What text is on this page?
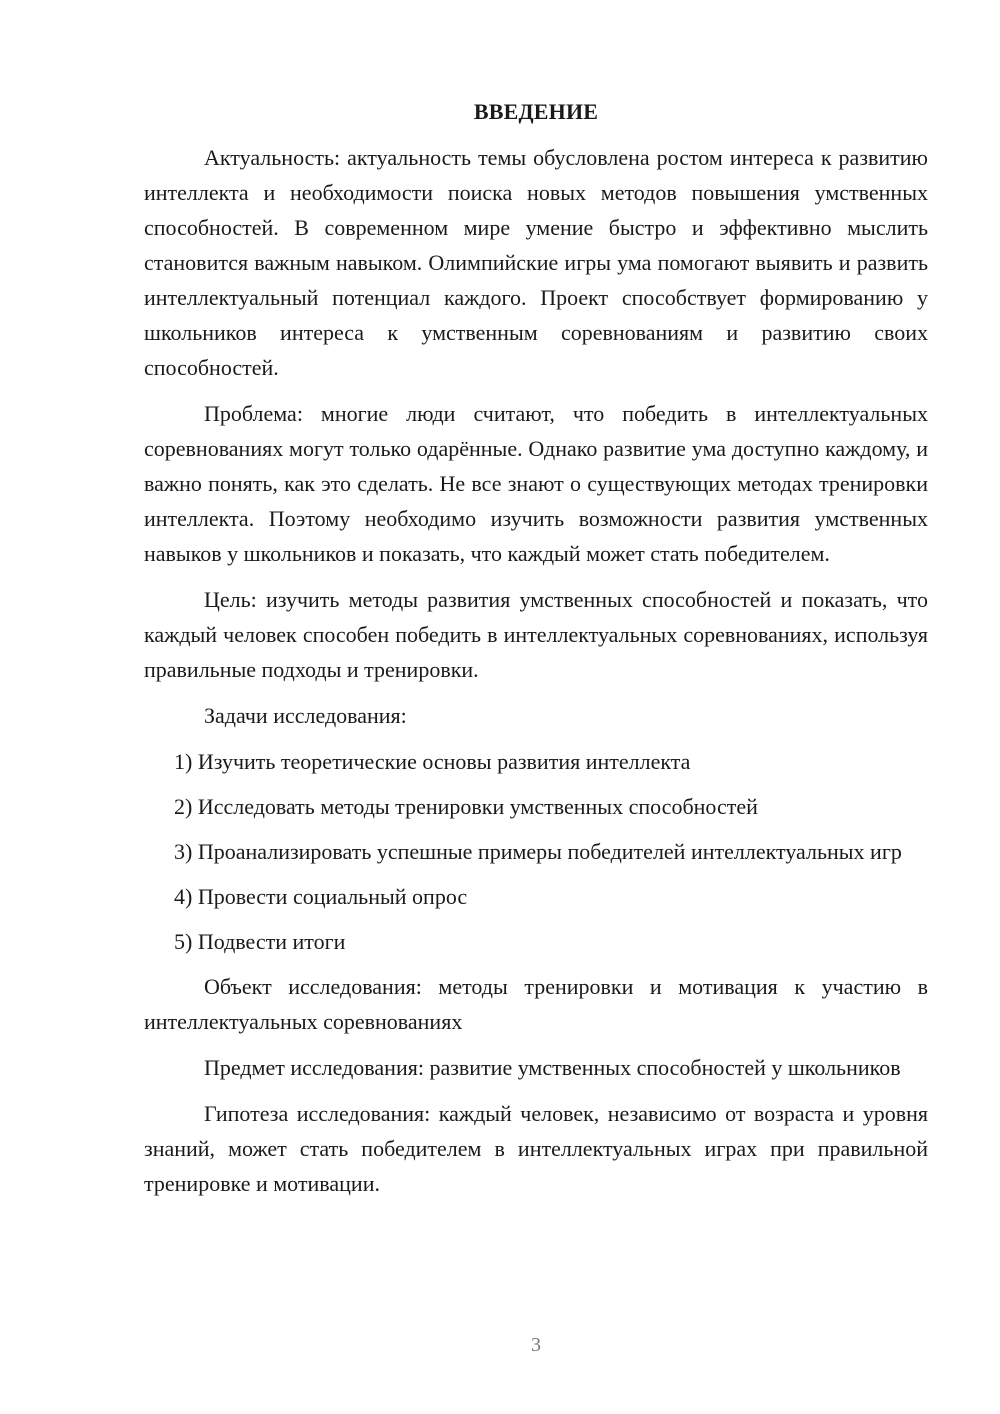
ВВЕДЕНИЕ
Актуальность: актуальность темы обусловлена ростом интереса к развитию интеллекта и необходимости поиска новых методов повышения умственных способностей. В современном мире умение быстро и эффективно мыслить становится важным навыком. Олимпийские игры ума помогают выявить и развить интеллектуальный потенциал каждого. Проект способствует формированию у школьников интереса к умственным соревнованиям и развитию своих способностей.
Проблема: многие люди считают, что победить в интеллектуальных соревнованиях могут только одарённые. Однако развитие ума доступно каждому, и важно понять, как это сделать. Не все знают о существующих методах тренировки интеллекта. Поэтому необходимо изучить возможности развития умственных навыков у школьников и показать, что каждый может стать победителем.
Цель: изучить методы развития умственных способностей и показать, что каждый человек способен победить в интеллектуальных соревнованиях, используя правильные подходы и тренировки.
Задачи исследования:
1) Изучить теоретические основы развития интеллекта
2) Исследовать методы тренировки умственных способностей
3) Проанализировать успешные примеры победителей интеллектуальных игр
4) Провести социальный опрос
5) Подвести итоги
Объект исследования: методы тренировки и мотивация к участию в интеллектуальных соревнованиях
Предмет исследования: развитие умственных способностей у школьников
Гипотеза исследования: каждый человек, независимо от возраста и уровня знаний, может стать победителем в интеллектуальных играх при правильной тренировке и мотивации.
3
